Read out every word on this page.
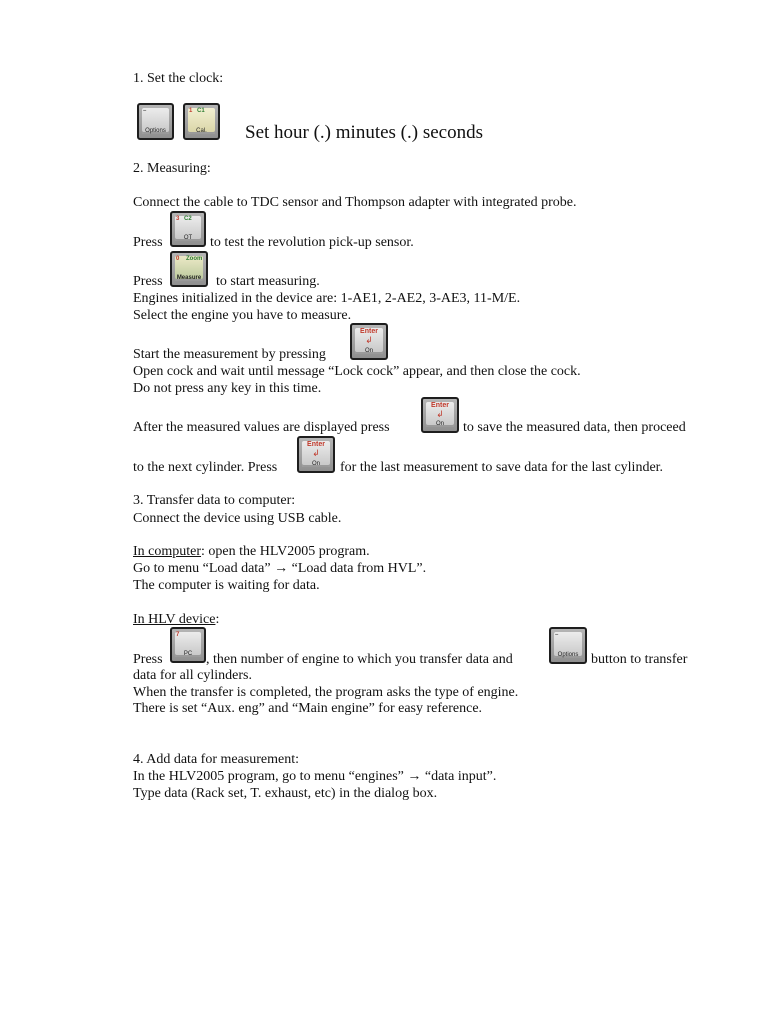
1. Set the clock:
–
Options
1 C1
Cal.	Set hour (.) minutes (.) seconds
2. Measuring:
Connect the cable to TDC sensor and Thompson adapter with integrated probe.
Press
3 C2
OT	to test the revolution pick-up sensor.
Press
0 Zoom
Measure	to start measuring.
Engines initialized in the device are: 1-AE1, 2-AE2, 3-AE3, 11-M/E.
Select the engine you have to measure.
Start the measurement by pressing
Enter
↲
On
Open cock and wait until message “Lock cock” appear, and then close the cock.
Do not press any key in this time.
After the measured values are displayed press
Enter
↲
On	to save the measured data, then proceed
to the next cylinder. Press
Enter
↲
On	for the last measurement to save data for the last cylinder.
3. Transfer data to computer:
Connect the device using USB cable.
In computer: open the HLV2005 program.
Go to menu “Load data” → “Load data from HVL”.
The computer is waiting for data.
In HLV device:
Press
7
PC , then number of engine to which you transfer data and
–
Options button to transfer
data for all cylinders.
When the transfer is completed, the program asks the type of engine.
There is set “Aux. eng” and “Main engine” for easy reference.
4. Add data for measurement:
In the HLV2005 program, go to menu “engines” → “data input”.
Type data (Rack set, T. exhaust, etc) in the dialog box.
